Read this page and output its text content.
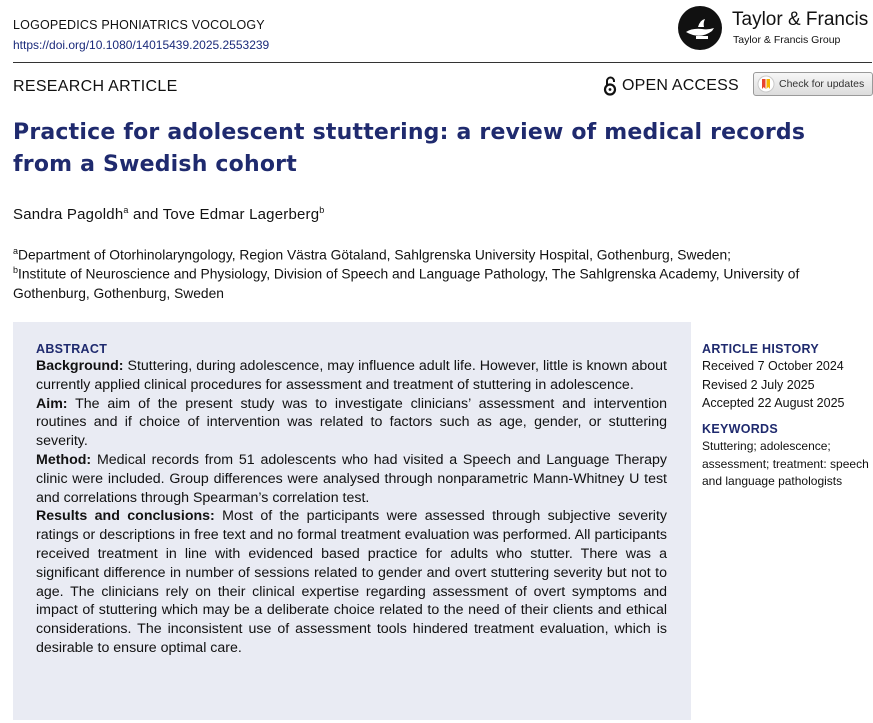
LOGOPEDICS PHONIATRICS VOCOLOGY
https://doi.org/10.1080/14015439.2025.2553239
Taylor & Francis
Taylor & Francis Group
RESEARCH ARTICLE	OPEN ACCESS	Check for updates
Practice for adolescent stuttering: a review of medical records
from a Swedish cohort
Sandra Pagoldh$^a$ and Tove Edmar Lagerberg$^b$
$^a$Department of Otorhinolaryngology, Region Västra Götaland, Sahlgrenska University Hospital, Gothenburg, Sweden;
$^b$Institute of Neuroscience and Physiology, Division of Speech and Language Pathology, The Sahlgrenska Academy, University of Gothenburg, Gothenburg, Sweden
ABSTRACT

Background: Stuttering, during adolescence, may influence adult life. However, little is known about currently applied clinical procedures for assessment and treatment of stuttering in adolescence.

Aim: The aim of the present study was to investigate clinicians’ assessment and intervention routines and if choice of intervention was related to factors such as age, gender, or stuttering severity.

Method: Medical records from 51 adolescents who had visited a Speech and Language Therapy clinic were included. Group differences were analysed through nonparametric Mann-Whitney U test and correlations through Spearman’s correlation test.

Results and conclusions: Most of the participants were assessed through subjective severity ratings or descriptions in free text and no formal treatment evaluation was performed. All participants received treatment in line with evidenced based practice for adults who stutter. There was a significant difference in number of sessions related to gender and overt stuttering severity but not to age. The clinicians rely on their clinical expertise regarding assessment of overt symptoms and impact of stuttering which may be a deliberate choice related to the need of their clients and ethical considerations. The inconsistent use of assessment tools hindered treatment evaluation, which is desirable to ensure optimal care.

ARTICLE HISTORY
Received 7 October 2024
Revised 2 July 2025
Accepted 22 August 2025
KEYWORDS
Stuttering; adolescence; assessment; treatment: speech and language pathologists
